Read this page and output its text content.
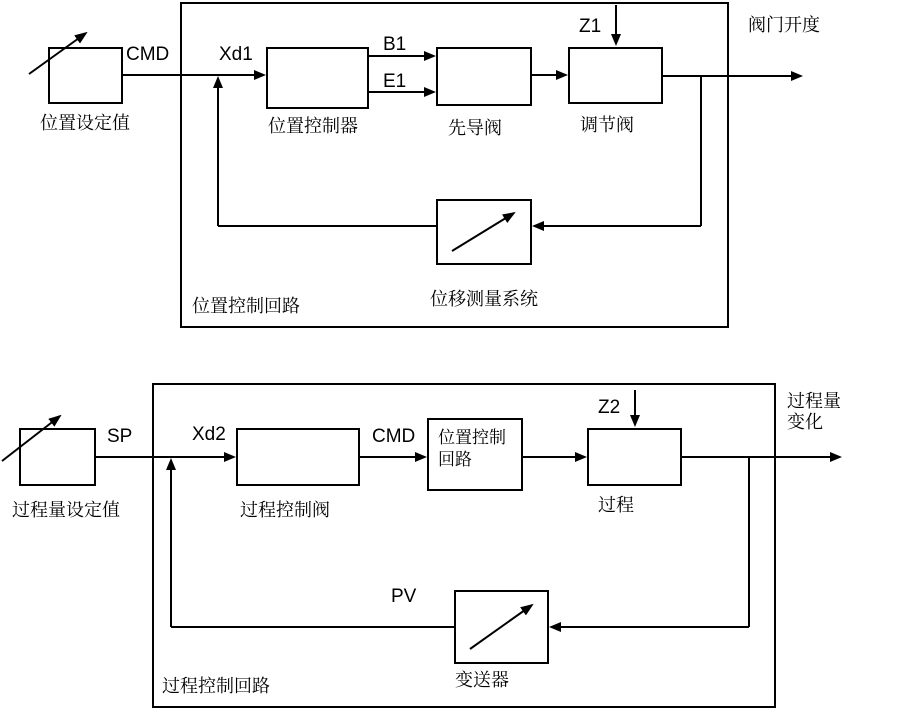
位置设定值
CMD	Xd1
位置控制器
B1
E1
先导阀
Z1
调节阀
阀门开度
位移测量系统
位置控制回路
过程量设定值
SP	Xd2
过程控制阀
CMD 位置控制
回路
Z2
过程
过程量
变化
变送器
PV
过程控制回路
